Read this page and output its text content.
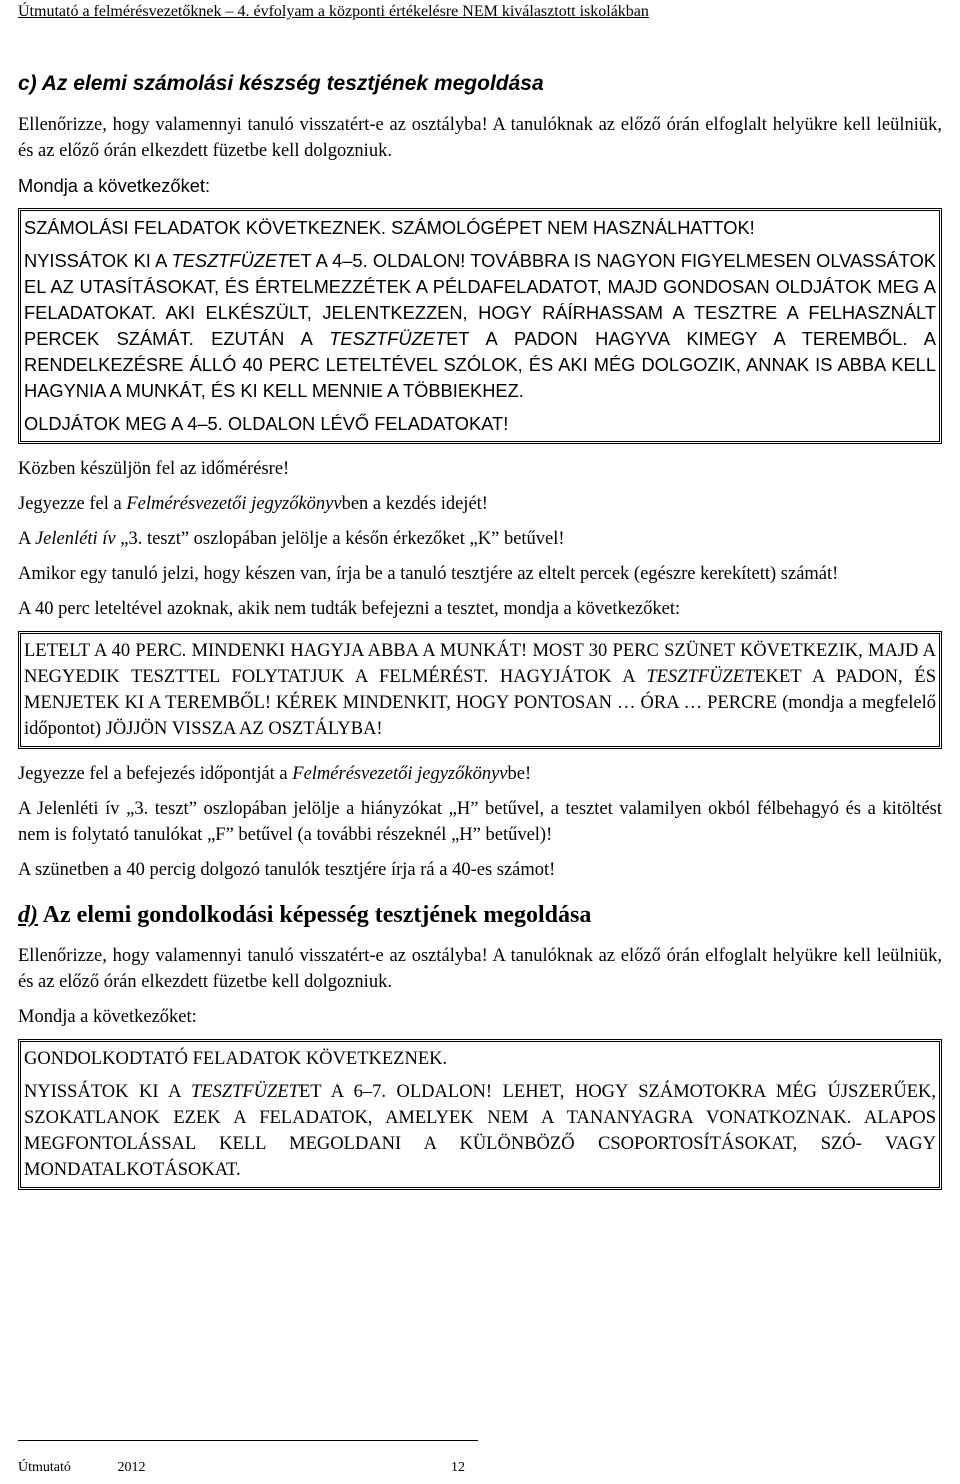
Útmutató a felmérésvezetőknek – 4. évfolyam a központi értékelésre NEM kiválasztott iskolákban
c) Az elemi számolási készség tesztjének megoldása

Ellenőrizze, hogy valamennyi tanuló visszatért-e az osztályba! A tanulóknak az előző órán elfoglalt helyükre kell leülniük, és az előző órán elkezdett füzetbe kell dolgozniuk.

Mondja a következőket:

SZÁMOLÁSI FELADATOK KÖVETKEZNEK. SZÁMOLÓGÉPET NEM HASZNÁLHATTOK!

NYISSÁTOK KI A TESZTFÜZETET A 4–5. OLDALON! TOVÁBBRA IS NAGYON FIGYELMESEN OLVASSÁTOK EL AZ UTASÍTÁSOKAT, ÉS ÉRTELMEZZÉTEK A PÉLDAFELADATOT, MAJD GONDOSAN OLDJÁTOK MEG A FELADATOKAT. AKI ELKÉSZÜLT, JELENTKEZZEN, HOGY RÁÍRHASSAM A TESZTRE A FELHASZNÁLT PERCEK SZÁMÁT. EZUTÁN A TESZTFÜZETET A PADON HAGYVA KIMEGY A TEREMBŐL. A RENDELKEZÉSRE ÁLLÓ 40 PERC LETELTÉVEL SZÓLOK, ÉS AKI MÉG DOLGOZIK, ANNAK IS ABBA KELL HAGYNIA A MUNKÁT, ÉS KI KELL MENNIE A TÖBBIEKHEZ.

OLDJÁTOK MEG A 4–5. OLDALON LÉVŐ FELADATOKAT!

Közben készüljön fel az időmérésre!

Jegyezze fel a Felmérésvezetői jegyzőkönyvben a kezdés idejét!

A Jelenléti ív „3. teszt” oszlopában jelölje a későn érkezőket „K” betűvel!

Amikor egy tanuló jelzi, hogy készen van, írja be a tanuló tesztjére az eltelt percek (egészre kerekített) számát!

A 40 perc leteltével azoknak, akik nem tudták befejezni a tesztet, mondja a következőket:

LETELT A 40 PERC. MINDENKI HAGYJA ABBA A MUNKÁT! MOST 30 PERC SZÜNET KÖVETKEZIK, MAJD A NEGYEDIK TESZTTEL FOLYTATJUK A FELMÉRÉST. HAGYJÁTOK A TESZTFÜZETEKET A PADON, ÉS MENJETEK KI A TEREMBŐL! KÉREK MINDENKIT, HOGY PONTOSAN … ÓRA … PERCRE (mondja a megfelelő időpontot) JÖJJÖN VISSZA AZ OSZTÁLYBA!

Jegyezze fel a befejezés időpontját a Felmérésvezetői jegyzőkönyvbe!

A Jelenléti ív „3. teszt” oszlopában jelölje a hiányzókat „H” betűvel, a tesztet valamilyen okból félbehagyó és a kitöltést nem is folytató tanulókat „F” betűvel (a további részeknél „H” betűvel)!

A szünetben a 40 percig dolgozó tanulók tesztjére írja rá a 40-es számot!

d) Az elemi gondolkodási képesség tesztjének megoldása

Ellenőrizze, hogy valamennyi tanuló visszatért-e az osztályba! A tanulóknak az előző órán elfoglalt helyükre kell leülniük, és az előző órán elkezdett füzetbe kell dolgozniuk.

Mondja a következőket:

GONDOLKODTATÓ FELADATOK KÖVETKEZNEK.

NYISSÁTOK KI A TESZTFÜZETET A 6–7. OLDALON! LEHET, HOGY SZÁMOTOKRA MÉG ÚJSZERŰEK, SZOKATLANOK EZEK A FELADATOK, AMELYEK NEM A TANANYAGRA VONATKOZNAK. ALAPOS MEGFONTOLÁSSAL KELL MEGOLDANI A KÜLÖNBÖZŐ CSOPORTOSÍTÁSOKAT, SZÓ- VAGY MONDATALKOTÁSOKAT.

Útmutató	2012	12
